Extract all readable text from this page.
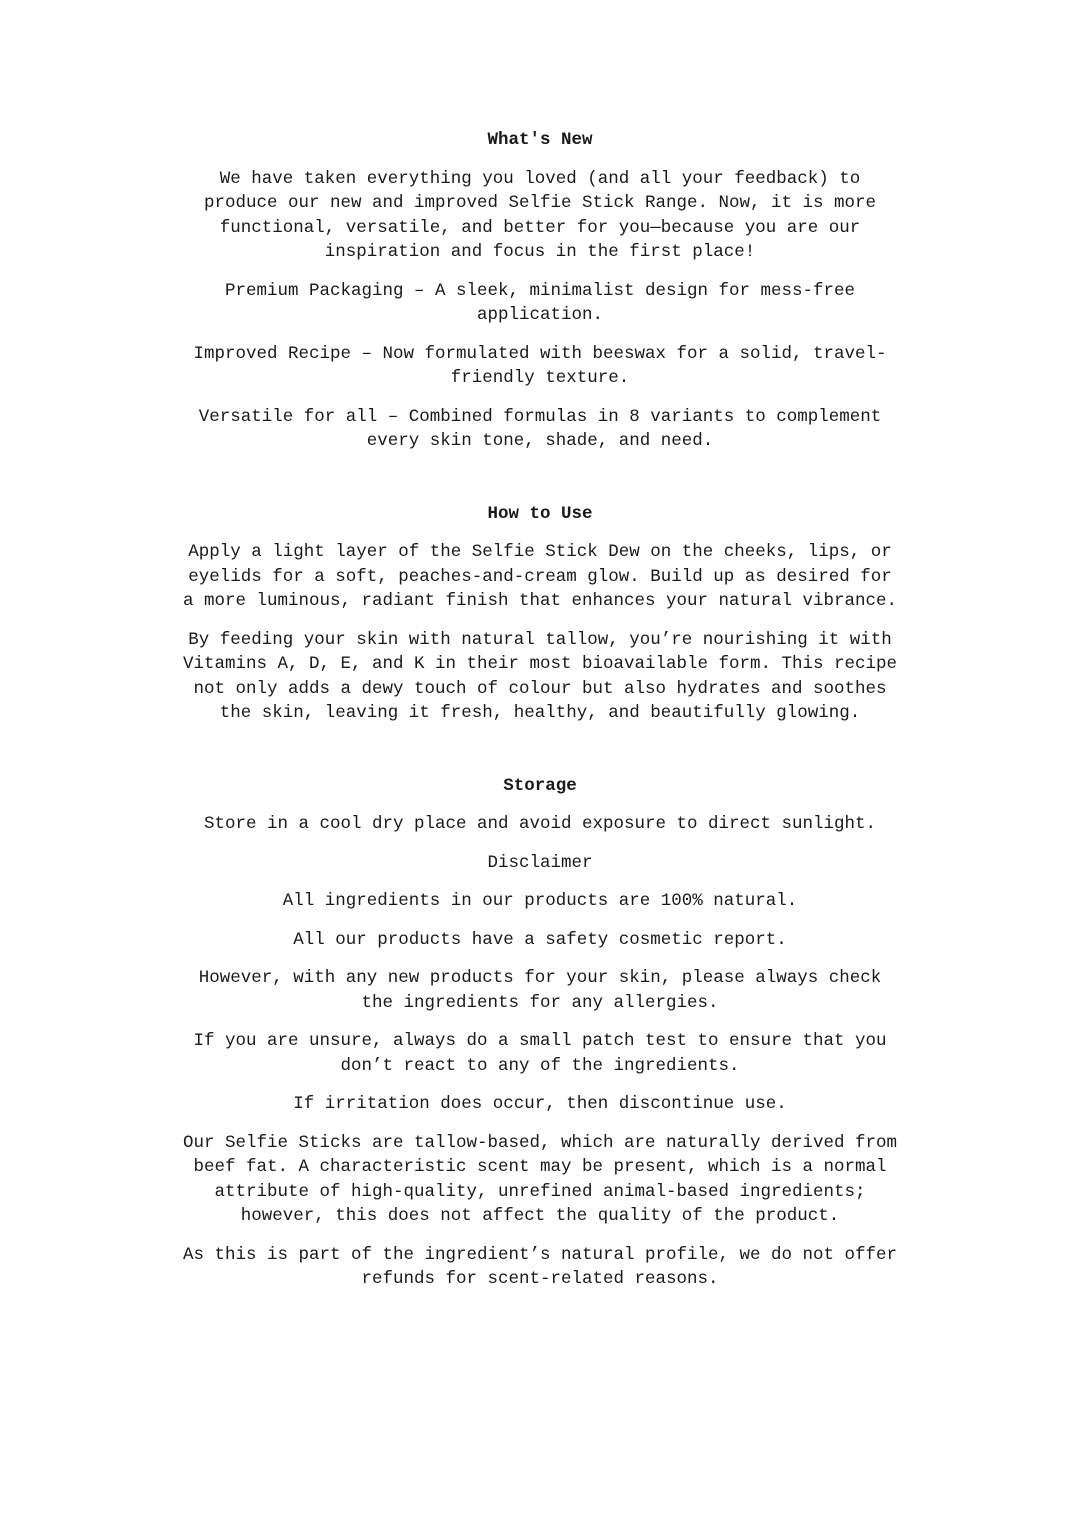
What's New

We have taken everything you loved (and all your feedback) to
produce our new and improved Selfie Stick Range. Now, it is more
functional, versatile, and better for you—because you are our
inspiration and focus in the first place!

Premium Packaging – A sleek, minimalist design for mess-free
application.

Improved Recipe – Now formulated with beeswax for a solid, travel-
friendly texture.

Versatile for all – Combined formulas in 8 variants to complement
every skin tone, shade, and need.

How to Use

Apply a light layer of the Selfie Stick Dew on the cheeks, lips, or
eyelids for a soft, peaches-and-cream glow. Build up as desired for
a more luminous, radiant finish that enhances your natural vibrance.

By feeding your skin with natural tallow, you’re nourishing it with
Vitamins A, D, E, and K in their most bioavailable form. This recipe
not only adds a dewy touch of colour but also hydrates and soothes
the skin, leaving it fresh, healthy, and beautifully glowing.

Storage

Store in a cool dry place and avoid exposure to direct sunlight.

Disclaimer

All ingredients in our products are 100% natural.

All our products have a safety cosmetic report.

However, with any new products for your skin, please always check
the ingredients for any allergies.

If you are unsure, always do a small patch test to ensure that you
don’t react to any of the ingredients.

If irritation does occur, then discontinue use.

Our Selfie Sticks are tallow-based, which are naturally derived from
beef fat. A characteristic scent may be present, which is a normal
attribute of high-quality, unrefined animal-based ingredients;
however, this does not affect the quality of the product.

As this is part of the ingredient’s natural profile, we do not offer
refunds for scent-related reasons.
